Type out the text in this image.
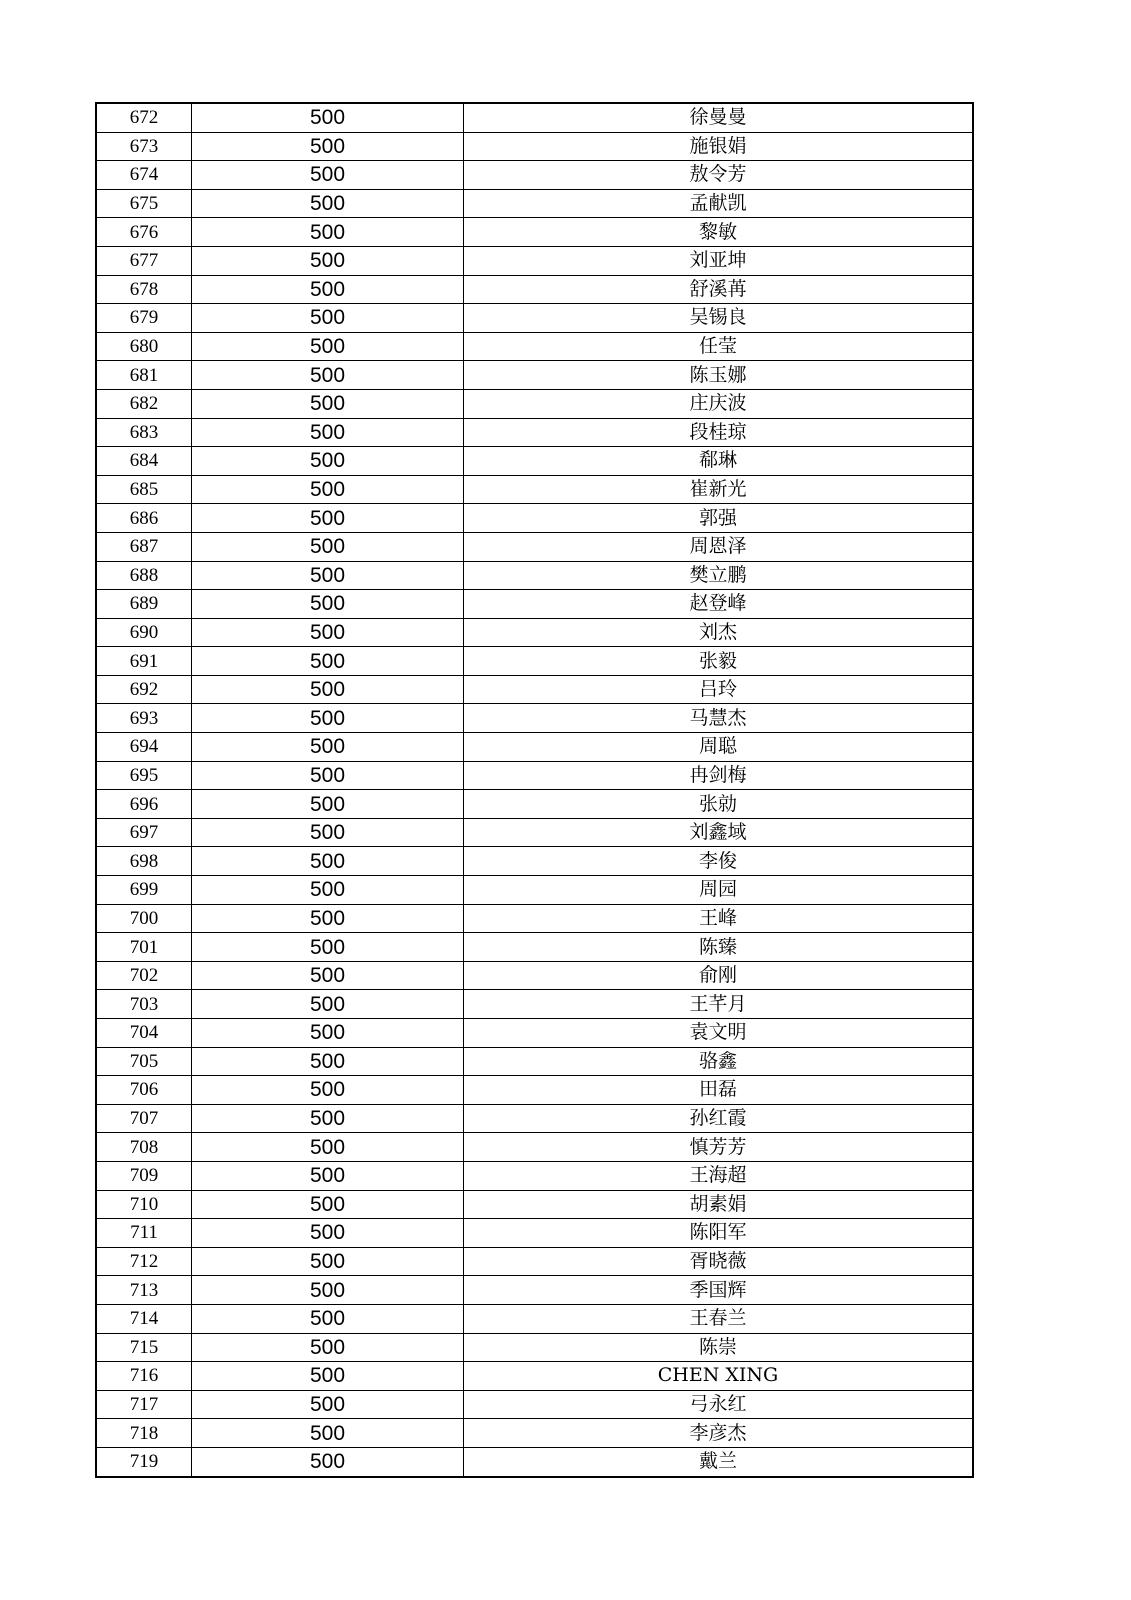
672	500	徐曼曼
673	500	施银娟
674	500	敖令芳
675	500	孟献凯
676	500	黎敏
677	500	刘亚坤
678	500	舒溪苒
679	500	吴锡良
680	500	任莹
681	500	陈玉娜
682	500	庄庆波
683	500	段桂琼
684	500	郗琳
685	500	崔新光
686	500	郭强
687	500	周恩泽
688	500	樊立鹏
689	500	赵登峰
690	500	刘杰
691	500	张毅
692	500	吕玲
693	500	马慧杰
694	500	周聪
695	500	冉剑梅
696	500	张勍
697	500	刘鑫域
698	500	李俊
699	500	周园
700	500	王峰
701	500	陈臻
702	500	俞刚
703	500	王芊月
704	500	袁文明
705	500	骆鑫
706	500	田磊
707	500	孙红霞
708	500	慎芳芳
709	500	王海超
710	500	胡素娟
711	500	陈阳军
712	500	胥晓薇
713	500	季国辉
714	500	王春兰
715	500	陈崇
716	500	CHEN XING
717	500	弓永红
718	500	李彦杰
719	500	戴兰
